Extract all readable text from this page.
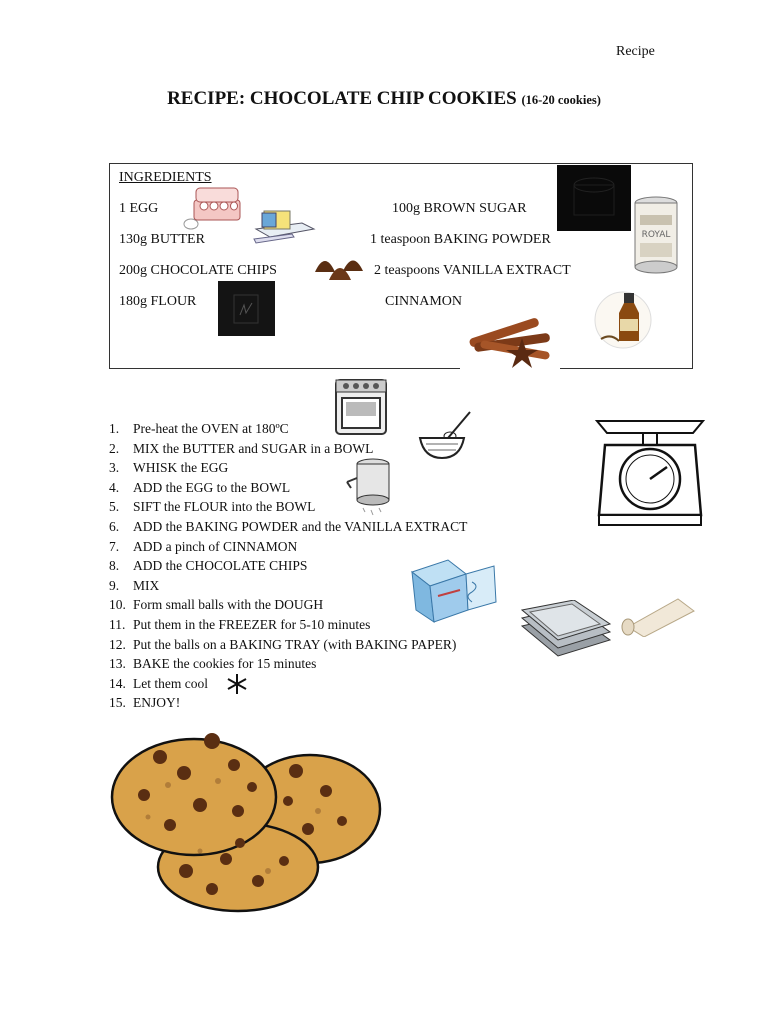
Recipe
RECIPE: CHOCOLATE CHIP COOKIES (16-20 cookies)
INGREDIENTS
1 EGG
130g BUTTER
200g CHOCOLATE CHIPS
180g FLOUR
100g BROWN SUGAR
1 teaspoon BAKING POWDER
2 teaspoons VANILLA EXTRACT
CINNAMON
ROYAL
1. Pre-heat the OVEN at 180ºC
2. MIX the BUTTER and SUGAR in a BOWL
3. WHISK the EGG
4. ADD the EGG to the BOWL
5. SIFT the FLOUR into the BOWL
6. ADD the BAKING POWDER and the VANILLA EXTRACT
7. ADD a pinch of CINNAMON
8. ADD the CHOCOLATE CHIPS
9. MIX
10. Form small balls with the DOUGH
11. Put them in the FREEZER for 5-10 minutes
12. Put the balls on a BAKING TRAY (with BAKING PAPER)
13. BAKE the cookies for 15 minutes
14. Let them cool
15. ENJOY!
